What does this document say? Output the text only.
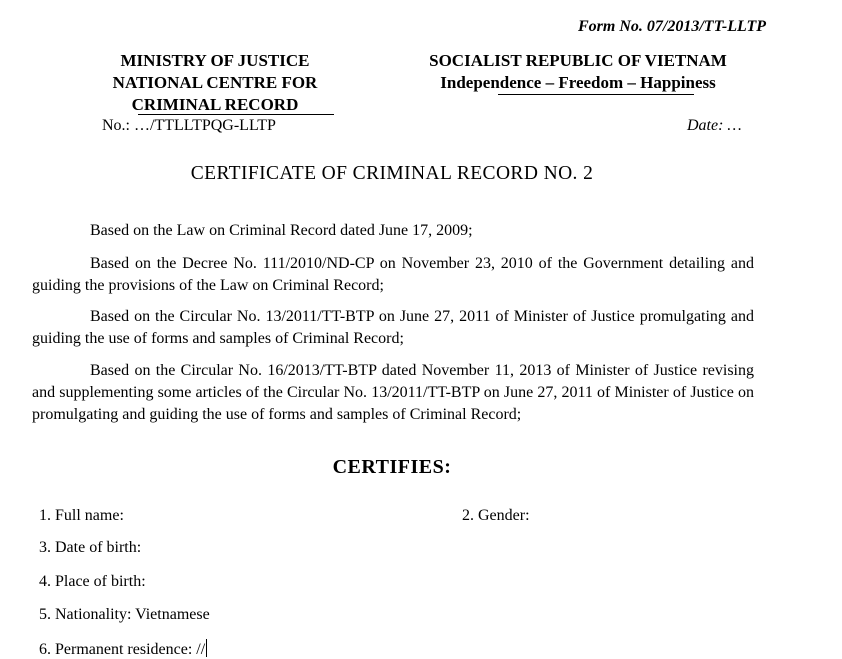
Form No. 07/2013/TT-LLTP
MINISTRY OF JUSTICE
NATIONAL CENTRE FOR
CRIMINAL RECORD
SOCIALIST REPUBLIC OF VIETNAM
Independence – Freedom – Happiness
No.: …/TTLLTPQG-LLTP	Date: …
CERTIFICATE OF CRIMINAL RECORD NO. 2
Based on the Law on Criminal Record dated June 17, 2009;
Based on the Decree No. 111/2010/ND-CP on November 23, 2010 of the Government detailing and guiding the provisions of the Law on Criminal Record;
Based on the Circular No. 13/2011/TT-BTP on June 27, 2011 of Minister of Justice promulgating and guiding the use of forms and samples of Criminal Record;
Based on the Circular No. 16/2013/TT-BTP dated November 11, 2013 of Minister of Justice revising and supplementing some articles of the Circular No. 13/2011/TT-BTP on June 27, 2011 of Minister of Justice on promulgating and guiding the use of forms and samples of Criminal Record;
CERTIFIES:
1. Full name:	2. Gender:
3. Date of birth:
4. Place of birth:
5. Nationality: Vietnamese
6. Permanent residence: //
